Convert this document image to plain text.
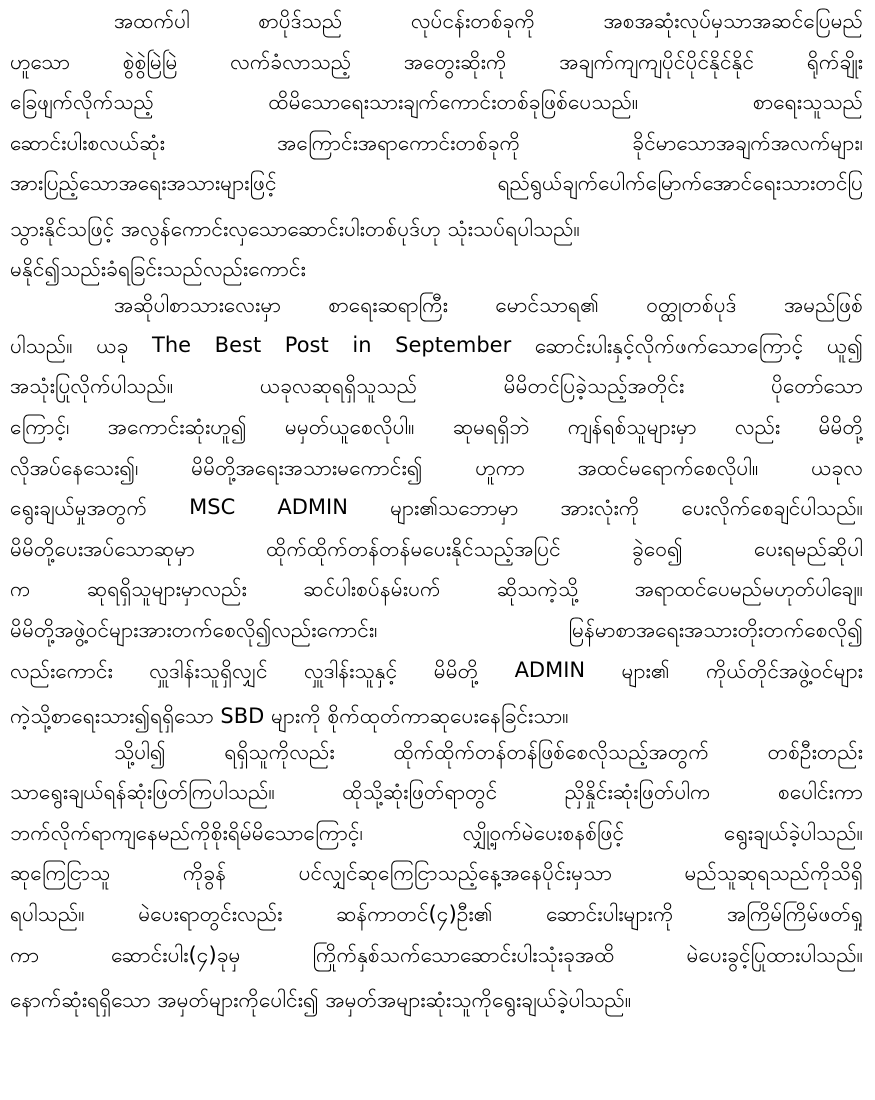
အထက်ပါ	စာပိုဒ်သည်	လုပ်ငန်းတစ်ခုကို	အစအဆုံးလုပ်မှသာအဆင်ပြေမည်
ဟူသော	စွဲစွဲမြဲမြဲ	လက်ခံလာသည့်	အတွေးဆိုးကို	အချက်ကျကျပိုင်ပိုင်နိုင်နိုင်	ရိုက်ချိုး
ခြေဖျက်လိုက်သည့်	ထိမိသောရေးသားချက်ကောင်းတစ်ခုဖြစ်ပေသည်။	စာရေးသူသည်
ဆောင်းပါးစလယ်ဆုံး	အကြောင်းအရာကောင်းတစ်ခုကို	ခိုင်မာသောအချက်အလက်များ၊
အားပြည့်သောအရေးအသားများဖြင့်	ရည်ရွယ်ချက်ပေါက်မြောက်အောင်ရေးသားတင်ပြ
သွားနိုင်သဖြင့် အလွန်ကောင်းလှသောဆောင်းပါးတစ်ပုဒ်ဟု သုံးသပ်ရပါသည်။
မနိုင်၍သည်းခံရခြင်းသည်လည်းကောင်း
အဆိုပါစာသားလေးမှာ စာရေးဆရာကြီး မောင်သာရ၏ ဝတ္ထုတစ်ပုဒ် အမည်ဖြစ်
ပါသည်။ ယခု The Best Post in September ဆောင်းပါးနှင့်လိုက်ဖက်သောကြောင့် ယူ၍
အသုံးပြုလိုက်ပါသည်။	ယခုလဆုရရှိသူသည်	မိမိတင်ပြခဲ့သည့်အတိုင်း	ပိုတော်သော
ကြောင့်၊ အကောင်းဆုံးဟူ၍ မမှတ်ယူစေလိုပါ။ ဆုမရရှိဘဲ ကျန်ရစ်သူများမှာ လည်း မိမိတို့
လိုအပ်နေသေး၍၊	မိမိတို့အရေးအသားမကောင်း၍	ဟူကာ	အထင်မရောက်စေလိုပါ။	ယခုလ
ရွေးချယ်မှုအတွက် MSC ADMIN များ၏သဘောမှာ အားလုံးကို ပေးလိုက်စေချင်ပါသည်။
မိမိတို့ပေးအပ်သောဆုမှာ	ထိုက်ထိုက်တန်တန်မပေးနိုင်သည့်အပြင်	ခွဲဝေ၍	ပေးရမည်ဆိုပါ
က	ဆုရရှိသူများမှာလည်း	ဆင်ပါးစပ်နမ်းပက်	ဆိုသကဲ့သို့	အရာထင်ပေမည်မဟုတ်ပါချေ။
မိမိတို့အဖွဲ့ဝင်များအားတက်စေလို၍လည်းကောင်း၊	မြန်မာစာအရေးအသားတိုးတက်စေလို၍
လည်းကောင်း လှူဒါန်းသူရှိလျှင် လှူဒါန်းသူနှင့် မိမိတို့ ADMIN များ၏ ကိုယ်တိုင်အဖွဲ့ဝင်များ
ကဲ့သို့စာရေးသား၍ရရှိသော SBD များကို စိုက်ထုတ်ကာဆုပေးနေခြင်းသာ။
သို့ပါ၍	ရရှိသူကိုလည်း	ထိုက်ထိုက်တန်တန်ဖြစ်စေလိုသည့်အတွက်	တစ်ဦးတည်း
သာရွေးချယ်ရန်ဆုံးဖြတ်ကြပါသည်။	ထိုသို့ဆုံးဖြတ်ရာတွင်	ညှိနှိုင်းဆုံးဖြတ်ပါက	စပေါင်းကာ
ဘက်လိုက်ရာကျနေမည်ကိုစိုးရိမ်မိသောကြောင့်၊	လျှို့ဝှက်မဲပေးစနစ်ဖြင့်	ရွေးချယ်ခဲ့ပါသည်။
ဆုကြေငြာသူ	ကိုခွန်	ပင်လျှင်ဆုကြေငြာသည့်နေ့အနေပိုင်းမှသာ	မည်သူဆုရသည်ကိုသိရှိ
ရပါသည်။	မဲပေးရာတွင်းလည်း	ဆန်ကာတင်(၄)ဦး၏	ဆောင်းပါးများကို	အကြိမ်ကြိမ်ဖတ်ရှု
ကာ	ဆောင်းပါး(၄)ခုမှ	ကြိုက်နှစ်သက်သောဆောင်းပါးသုံးခုအထိ	မဲပေးခွင့်ပြုထားပါသည်။
နောက်ဆုံးရရှိသော အမှတ်များကိုပေါင်း၍ အမှတ်အများဆုံးသူကိုရွေးချယ်ခဲ့ပါသည်။
